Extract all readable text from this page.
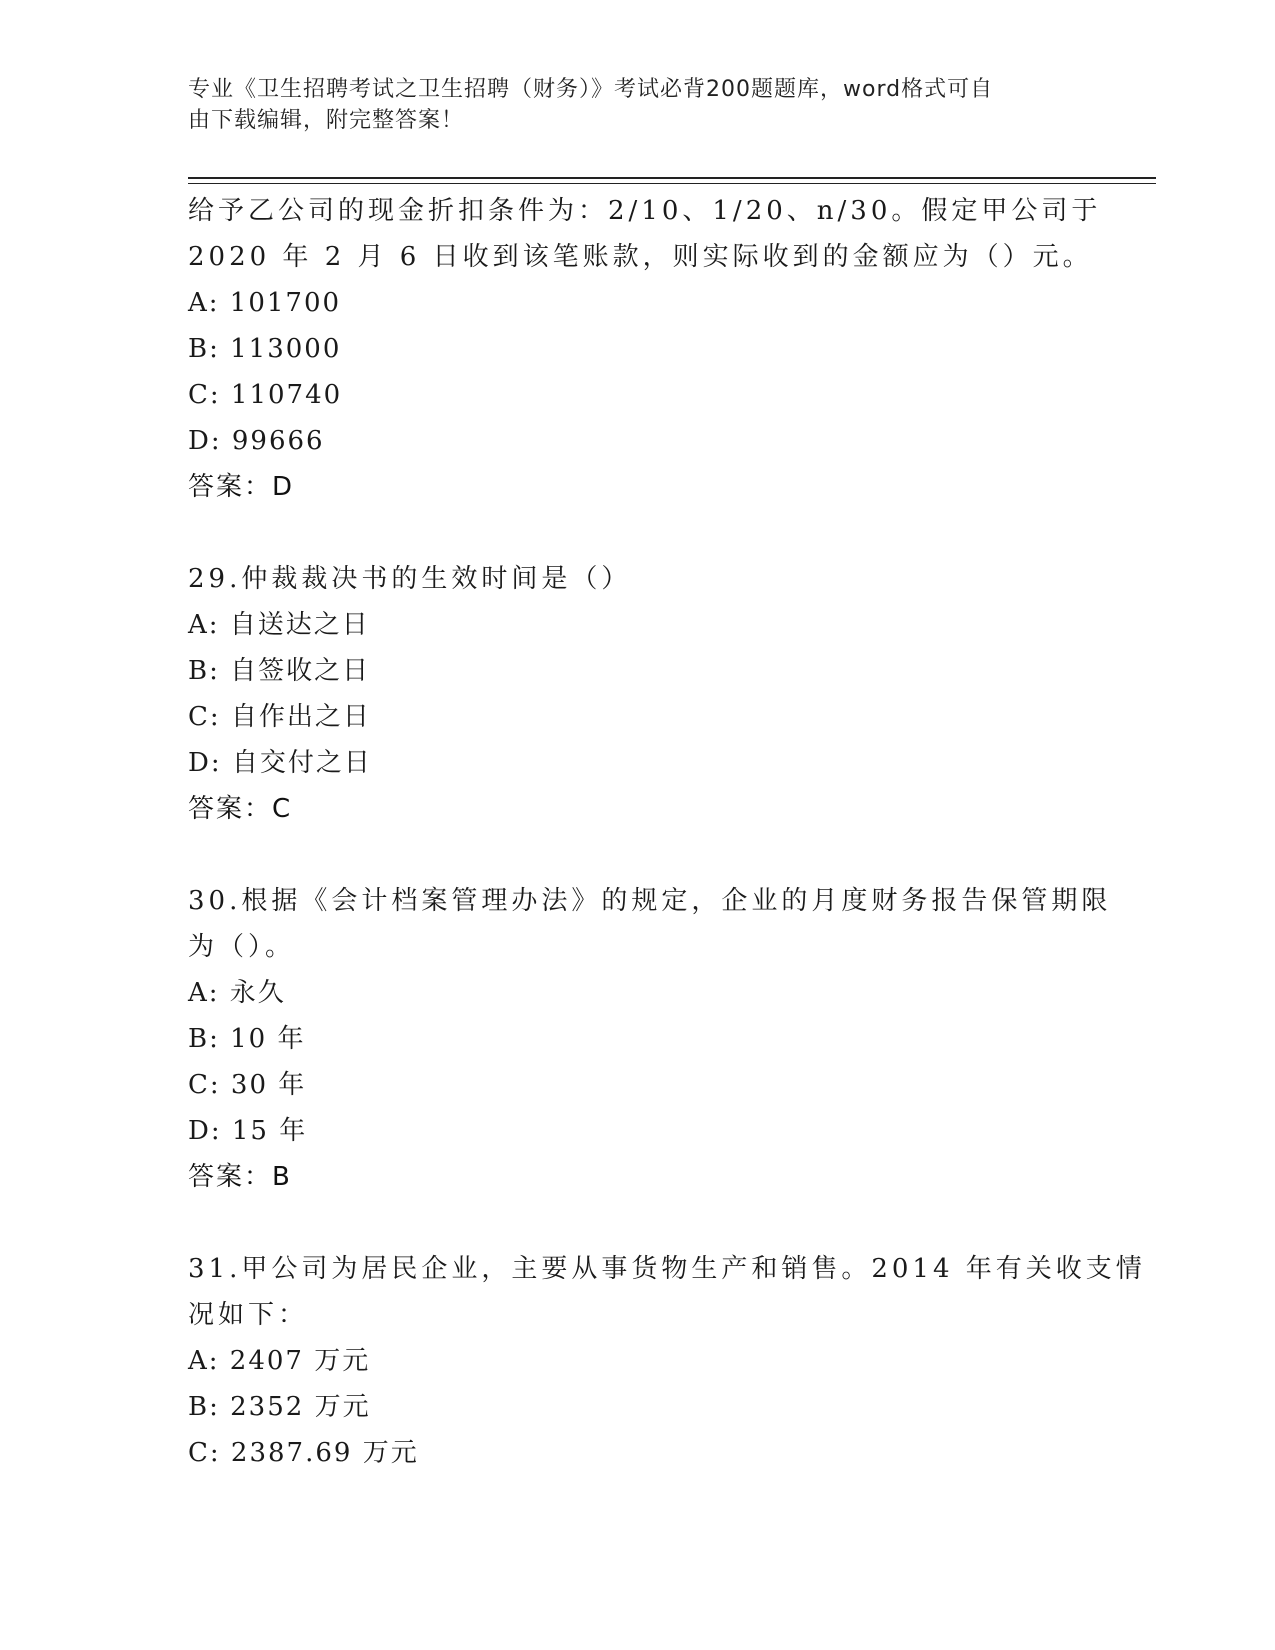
专业《卫生招聘考试之卫生招聘（财务）》考试必背200题题库，word格式可自
由下载编辑，附完整答案！
给予乙公司的现金折扣条件为：2/10、1/20、n/30。假定甲公司于
2020 年 2 月 6 日收到该笔账款，则实际收到的金额应为（）元。
A: 101700
B: 113000
C: 110740
D: 99666
答案：D
29.仲裁裁决书的生效时间是（）
A: 自送达之日
B: 自签收之日
C: 自作出之日
D: 自交付之日
答案：C
30.根据《会计档案管理办法》的规定，企业的月度财务报告保管期限
为（）。
A: 永久
B: 10 年
C: 30 年
D: 15 年
答案：B
31.甲公司为居民企业，主要从事货物生产和销售。2014 年有关收支情
况如下：
A: 2407 万元
B: 2352 万元
C: 2387.69 万元
